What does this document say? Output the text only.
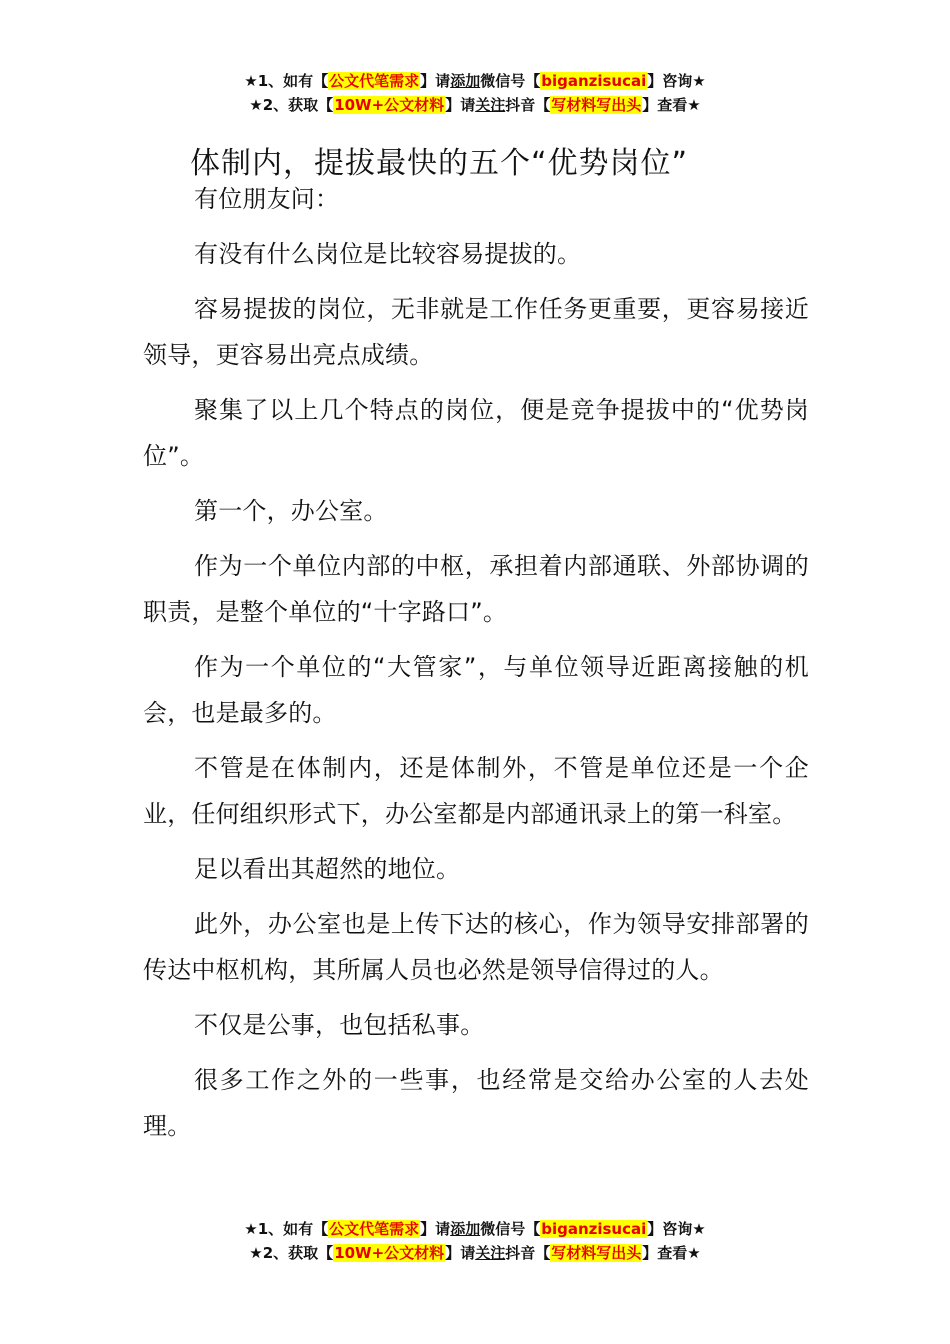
★1、如有【公文代笔需求】请添加微信号【biganzisucai】咨询★
★2、获取【10W+公文材料】请关注抖音【写材料写出头】查看★
体制内，提拔最快的五个“优势岗位”

有位朋友问：

有没有什么岗位是比较容易提拔的。

容易提拔的岗位，无非就是工作任务更重要，更容易接近领导，更容易出亮点成绩。

聚集了以上几个特点的岗位，便是竞争提拔中的“优势岗位”。

第一个，办公室。

作为一个单位内部的中枢，承担着内部通联、外部协调的职责，是整个单位的“十字路口”。

作为一个单位的“大管家”，与单位领导近距离接触的机会，也是最多的。

不管是在体制内，还是体制外，不管是单位还是一个企业，任何组织形式下，办公室都是内部通讯录上的第一科室。

足以看出其超然的地位。

此外，办公室也是上传下达的核心，作为领导安排部署的传达中枢机构，其所属人员也必然是领导信得过的人。

不仅是公事，也包括私事。

很多工作之外的一些事，也经常是交给办公室的人去处理。

★1、如有【公文代笔需求】请添加微信号【biganzisucai】咨询★
★2、获取【10W+公文材料】请关注抖音【写材料写出头】查看★
